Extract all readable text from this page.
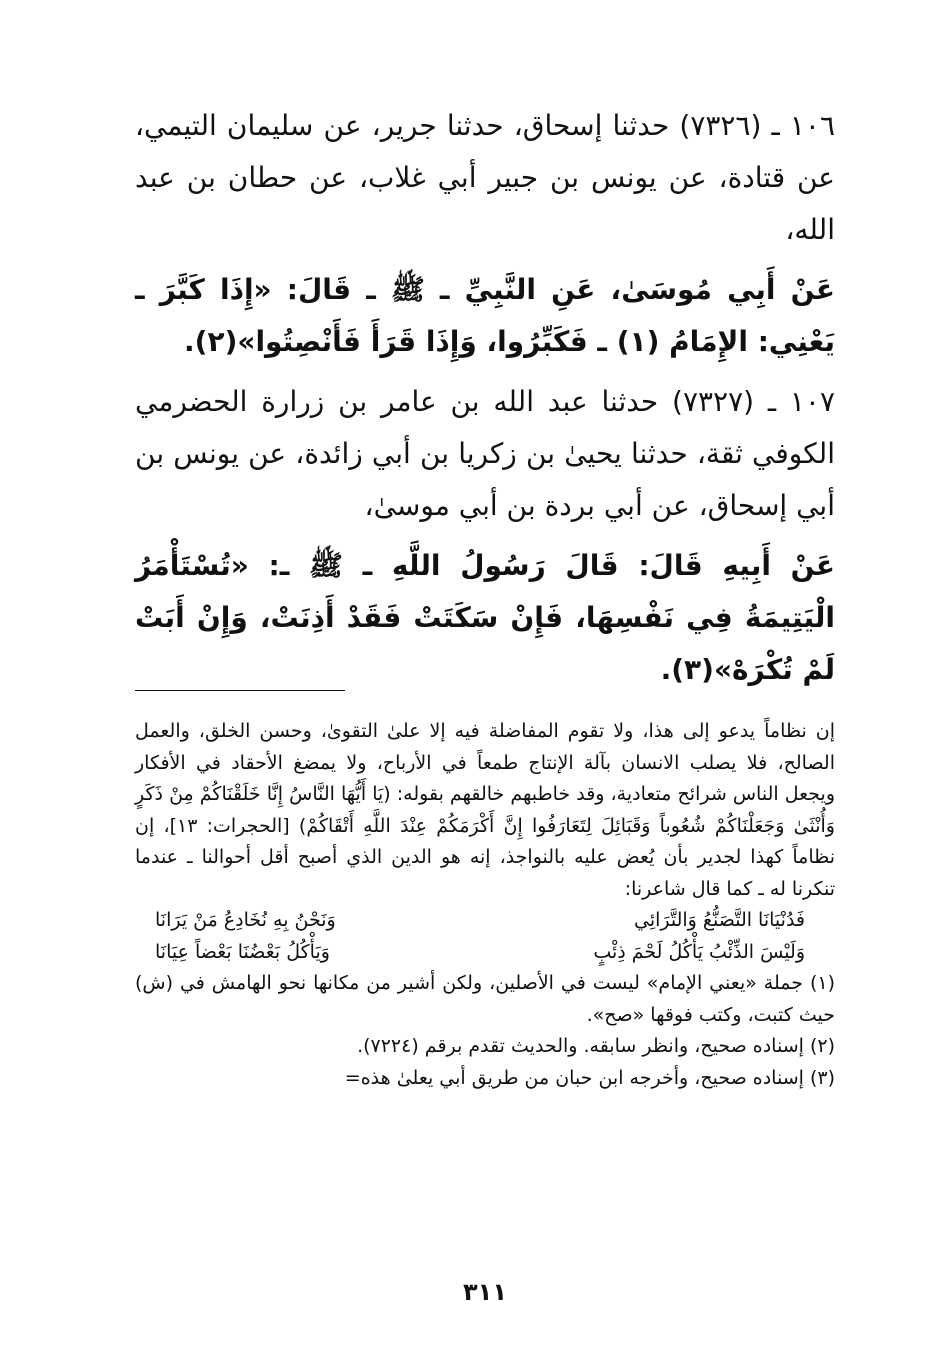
١٠٦ ـ (٧٣٢٦) حدثنا إسحاق، حدثنا جرير، عن سليمان التيمي، عن قتادة، عن يونس بن جبير أبي غلاب، عن حطان بن عبد الله،

عَنْ أَبِي مُوسَىٰ، عَنِ النَّبِيِّ ـ ﷺ ـ قَالَ: «إِذَا كَبَّرَ ـ يَعْنِي: الإِمَامُ (١) ـ فَكَبِّرُوا، وَإِذَا قَرَأَ فَأَنْصِتُوا»(٢).

١٠٧ ـ (٧٣٢٧) حدثنا عبد الله بن عامر بن زرارة الحضرمي الكوفي ثقة، حدثنا يحيىٰ بن زكريا بن أبي زائدة، عن يونس بن أبي إسحاق، عن أبي بردة بن أبي موسىٰ،

عَنْ أَبِيهِ قَالَ: قَالَ رَسُولُ اللَّهِ ـ ﷺ ـ: «تُسْتَأْمَرُ الْيَتِيمَةُ فِي نَفْسِهَا، فَإِنْ سَكَتَتْ فَقَدْ أَذِنَتْ، وَإِنْ أَبَتْ لَمْ تُكْرَهْ»(٣).

إن نظاماً يدعو إلى هذا، ولا تقوم المفاضلة فيه إلا علىٰ التقوىٰ، وحسن الخلق، والعمل الصالح، فلا يصلب الانسان بآلة الإنتاج طمعاً في الأرباح، ولا يمضغ الأحقاد في الأفكار ويجعل الناس شرائح متعادية، وقد خاطبهم خالقهم بقوله: (يَا أَيُّهَا النَّاسُ إِنَّا خَلَقْنَاكُمْ مِنْ ذَكَرٍ وَأُنْثَىٰ وَجَعَلْنَاكُمْ شُعُوباً وَقَبَائِلَ لِتَعَارَفُوا إِنَّ أَكْرَمَكُمْ عِنْدَ اللَّهِ أَتْقَاكُمْ) [الحجرات: ١٣]، إن نظاماً كهذا لجدير بأن يُعض عليه بالنواجذ، إنه هو الدين الذي أصبح أقل أحوالنا ـ عندما تنكرنا له ـ كما قال شاعرنا:

فَدُنْيَانَا التَّصَنُّعُ وَالتَّرَائِي
وَنَحْنُ بِهِ نُخَادِعُ مَنْ يَرَانَا
وَلَيْسَ الذِّئْبُ يَأْكُلُ لَحْمَ ذِئْبٍ
وَيَأْكُلُ بَعْضُنَا بَعْضاً عِيَانَا

(١) جملة «يعني الإمام» ليست في الأصلين، ولكن أشير من مكانها نحو الهامش في (ش) حيث كتبت، وكتب فوقها «صح».

(٢) إسناده صحيح، وانظر سابقه. والحديث تقدم برقم (٧٢٢٤).

(٣) إسناده صحيح، وأخرجه ابن حبان من طريق أبي يعلىٰ هذه=

٣١١
